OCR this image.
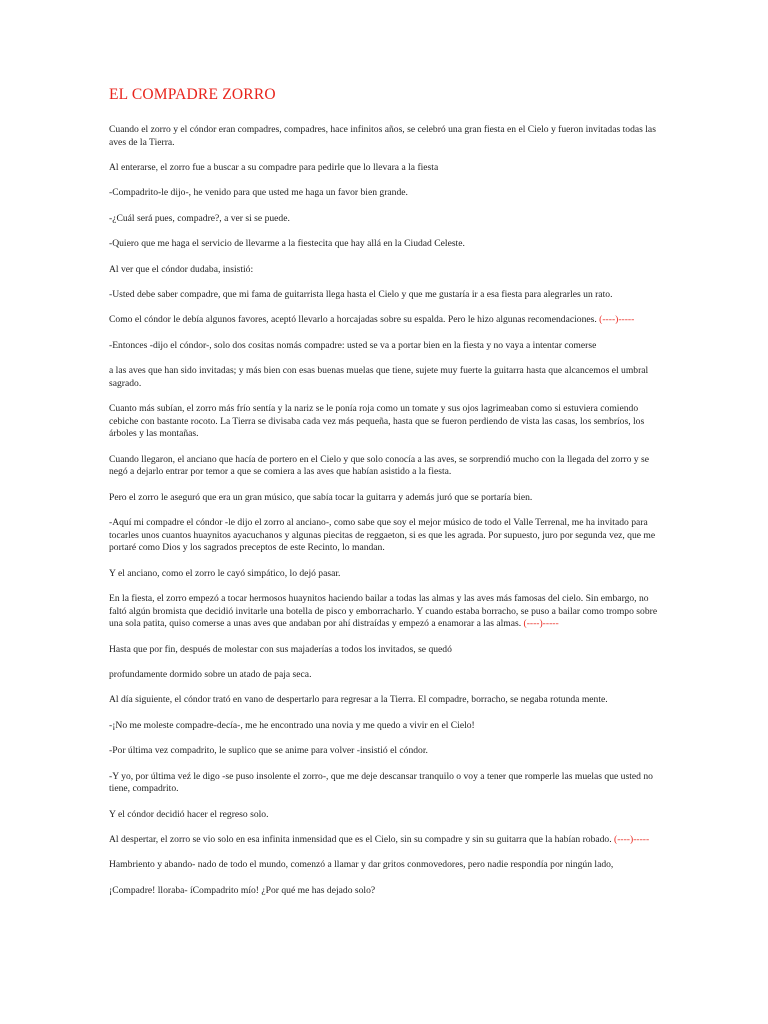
EL COMPADRE ZORRO

Cuando el zorro y el cóndor eran compadres, compadres, hace infinitos años, se celebró una gran fiesta en el Cielo y fueron invitadas todas las aves de la Tierra.

Al enterarse, el zorro fue a buscar a su compadre para pedirle que lo llevara a la fiesta

-Compadrito-le dijo-, he venido para que usted me haga un favor bien grande.

-¿Cuál será pues, compadre?, a ver si se puede.

-Quiero que me haga el servicio de llevarme a la fiestecita que hay allá en la Ciudad Celeste.

Al ver que el cóndor dudaba, insistió:

-Usted debe saber compadre, que mi fama de guitarrista llega hasta el Cielo y que me gustaría ir a esa fiesta para alegrarles un rato.

Como el cóndor le debía algunos favores, aceptó llevarlo a horcajadas sobre su espalda. Pero le hizo algunas recomendaciones. (----)-----

-Entonces -dijo el cóndor-, solo dos cositas nomás compadre: usted se va a portar bien en la fiesta y no vaya a intentar comerse

a las aves que han sido invitadas; y más bien con esas buenas muelas que tiene, sujete muy fuerte la guitarra hasta que alcancemos el umbral sagrado.

Cuanto más subían, el zorro más frío sentía y la nariz se le ponía roja como un tomate y sus ojos lagrimeaban como si estuviera comiendo cebiche con bastante rocoto. La Tierra se divisaba cada vez más pequeña, hasta que se fueron perdiendo de vista las casas, los sembríos, los árboles y las montañas.

Cuando llegaron, el anciano que hacía de portero en el Cielo y que solo conocía a las aves, se sorprendió mucho con la llegada del zorro y se negó a dejarlo entrar por temor a que se comiera a las aves que habían asistido a la fiesta.

Pero el zorro le aseguró que era un gran músico, que sabía tocar la guitarra y además juró que se portaría bien.

-Aquí mi compadre el cóndor -le dijo el zorro al anciano-, como sabe que soy el mejor músico de todo el Valle Terrenal, me ha invitado para tocarles unos cuantos huaynitos ayacuchanos y algunas piecitas de reggaeton, si es que les agrada. Por supuesto, juro por segunda vez, que me portaré como Dios y los sagrados preceptos de este Recinto, lo mandan.

Y el anciano, como el zorro le cayó simpático, lo dejó pasar.

En la fiesta, el zorro empezó a tocar hermosos huaynitos haciendo bailar a todas las almas y las aves más famosas del cielo. Sin embargo, no faltó algún bromista que decidió invitarle una botella de pisco y emborracharlo. Y cuando estaba borracho, se puso a bailar como trompo sobre una sola patita, quiso comerse a unas aves que andaban por ahí distraídas y empezó a enamorar a las almas. (----)-----

Hasta que por fin, después de molestar con sus majaderías a todos los invitados, se quedó

profundamente dormido sobre un atado de paja seca.

Al día siguiente, el cóndor trató en vano de despertarlo para regresar a la Tierra. El compadre, borracho, se negaba rotunda mente.

-¡No me moleste compadre-decía-, me he encontrado una novia y me quedo a vivir en el Cielo!

-Por última vez compadrito, le suplico que se anime para volver -insistió el cóndor.

-Y yo, por última veź le digo -se puso insolente el zorro-, que me deje descansar tranquilo o voy a tener que romperle las muelas que usted no tiene, compadrito.

Y el cóndor decidió hacer el regreso solo.

Al despertar, el zorro se vio solo en esa infinita inmensidad que es el Cielo, sin su compadre y sin su guitarra que la habían robado. (----)-----

Hambriento y abando- nado de todo el mundo, comenzó a llamar y dar gritos conmovedores, pero nadie respondía por ningún lado,

¡Compadre! lloraba- íCompadrito mío! ¿Por qué me has dejado solo?
